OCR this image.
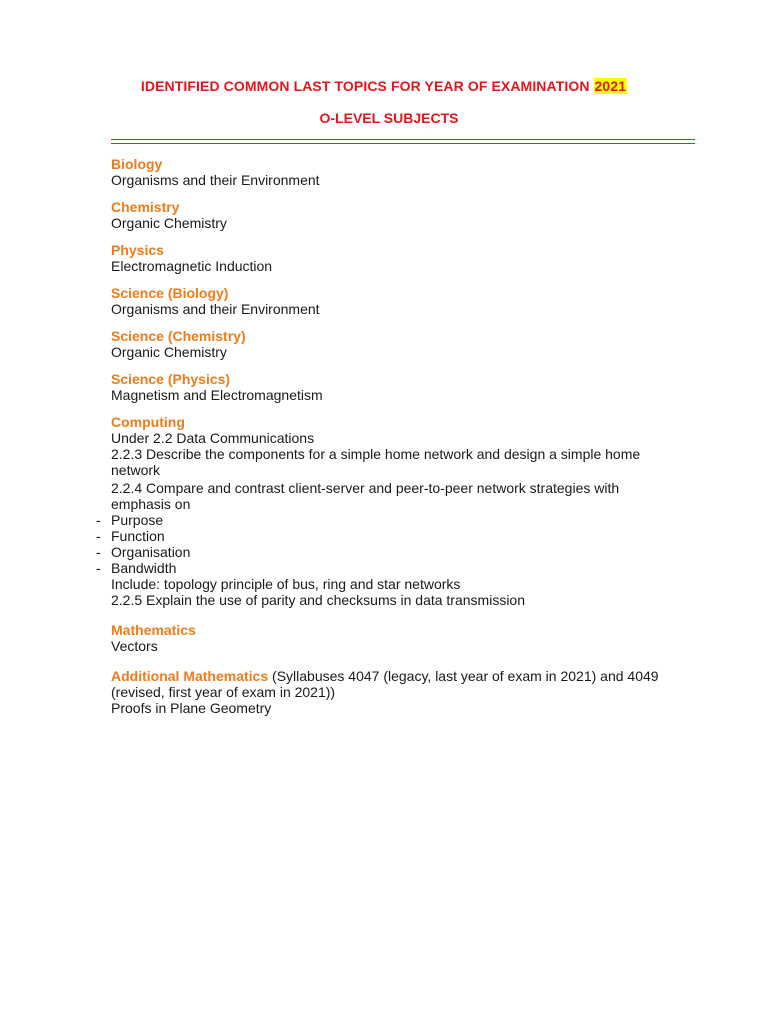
IDENTIFIED COMMON LAST TOPICS FOR YEAR OF EXAMINATION 2021
O-LEVEL SUBJECTS
Biology

Organisms and their Environment

Chemistry

Organic Chemistry

Physics

Electromagnetic Induction

Science (Biology)

Organisms and their Environment

Science (Chemistry)

Organic Chemistry

Science (Physics)

Magnetism and Electromagnetism

Computing

Under 2.2 Data Communications

2.2.3 Describe the components for a simple home network and design a simple home network

2.2.4 Compare and contrast client-server and peer-to-peer network strategies with emphasis on

- Purpose

- Function

- Organisation

- Bandwidth

Include: topology principle of bus, ring and star networks

2.2.5 Explain the use of parity and checksums in data transmission

Mathematics

Vectors

Additional Mathematics (Syllabuses 4047 (legacy, last year of exam in 2021) and 4049 (revised, first year of exam in 2021))

Proofs in Plane Geometry
